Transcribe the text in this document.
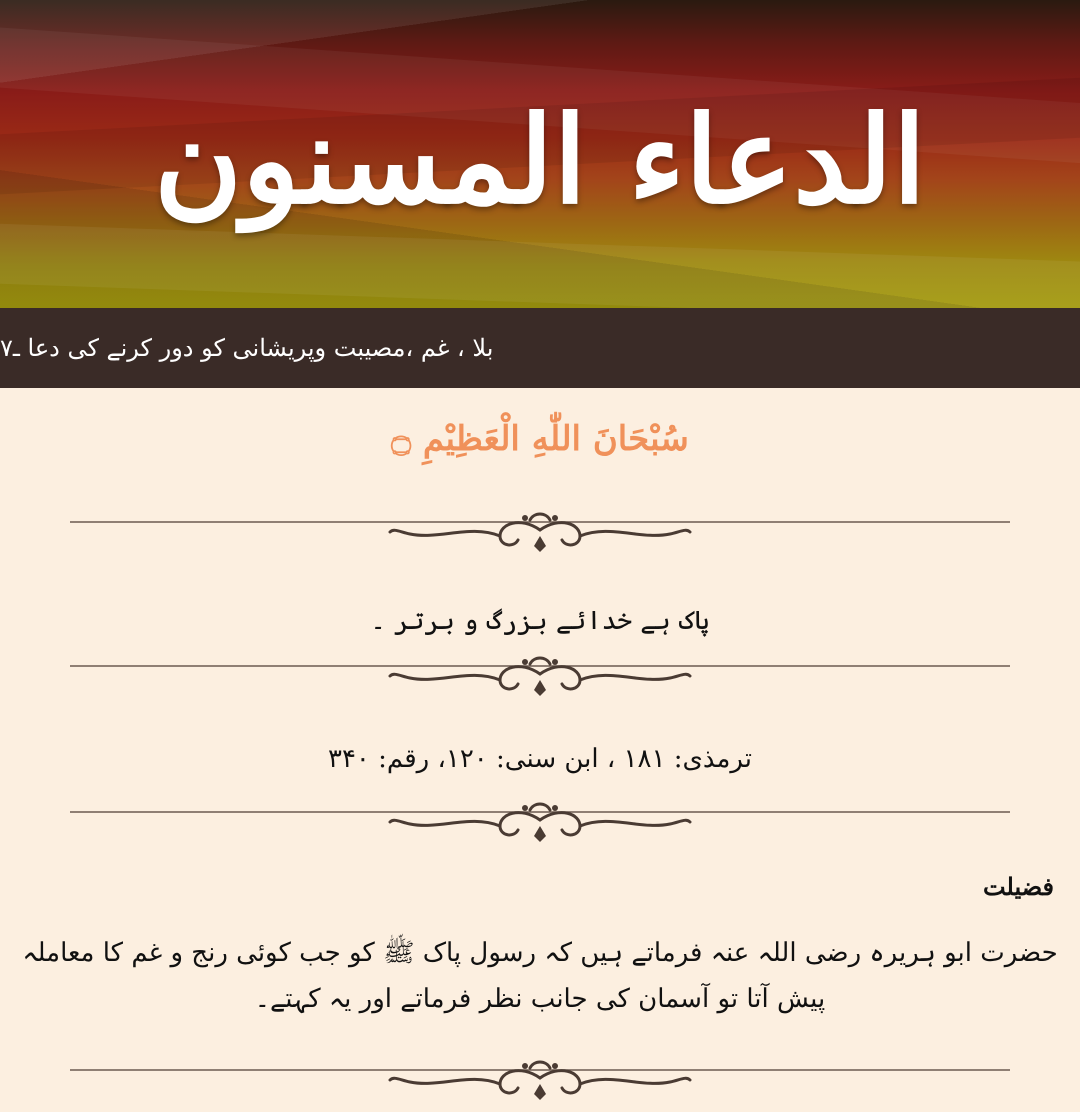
الدعاء المسنون
بلا ، غم ،مصیبت وپریشانی کو دور کرنے کی دعا ـ۷
سُبْحَانَ اللّٰهِ الْعَظِيْمِ ۝
پاک ہے خدائے بزرگ و برتر ۔
ترمذی: ۱۸۱ ، ابن سنی: ۱۲۰، رقم: ۳۴۰
فضیلت
حضرت ابو ہریرہ رضی اللہ عنہ فرماتے ہیں کہ رسول پاک ﷺ کو جب کوئی رنج و غم کا معاملہ پیش آتا تو آسمان کی جانب نظر فرماتے اور یہ کہتے۔
